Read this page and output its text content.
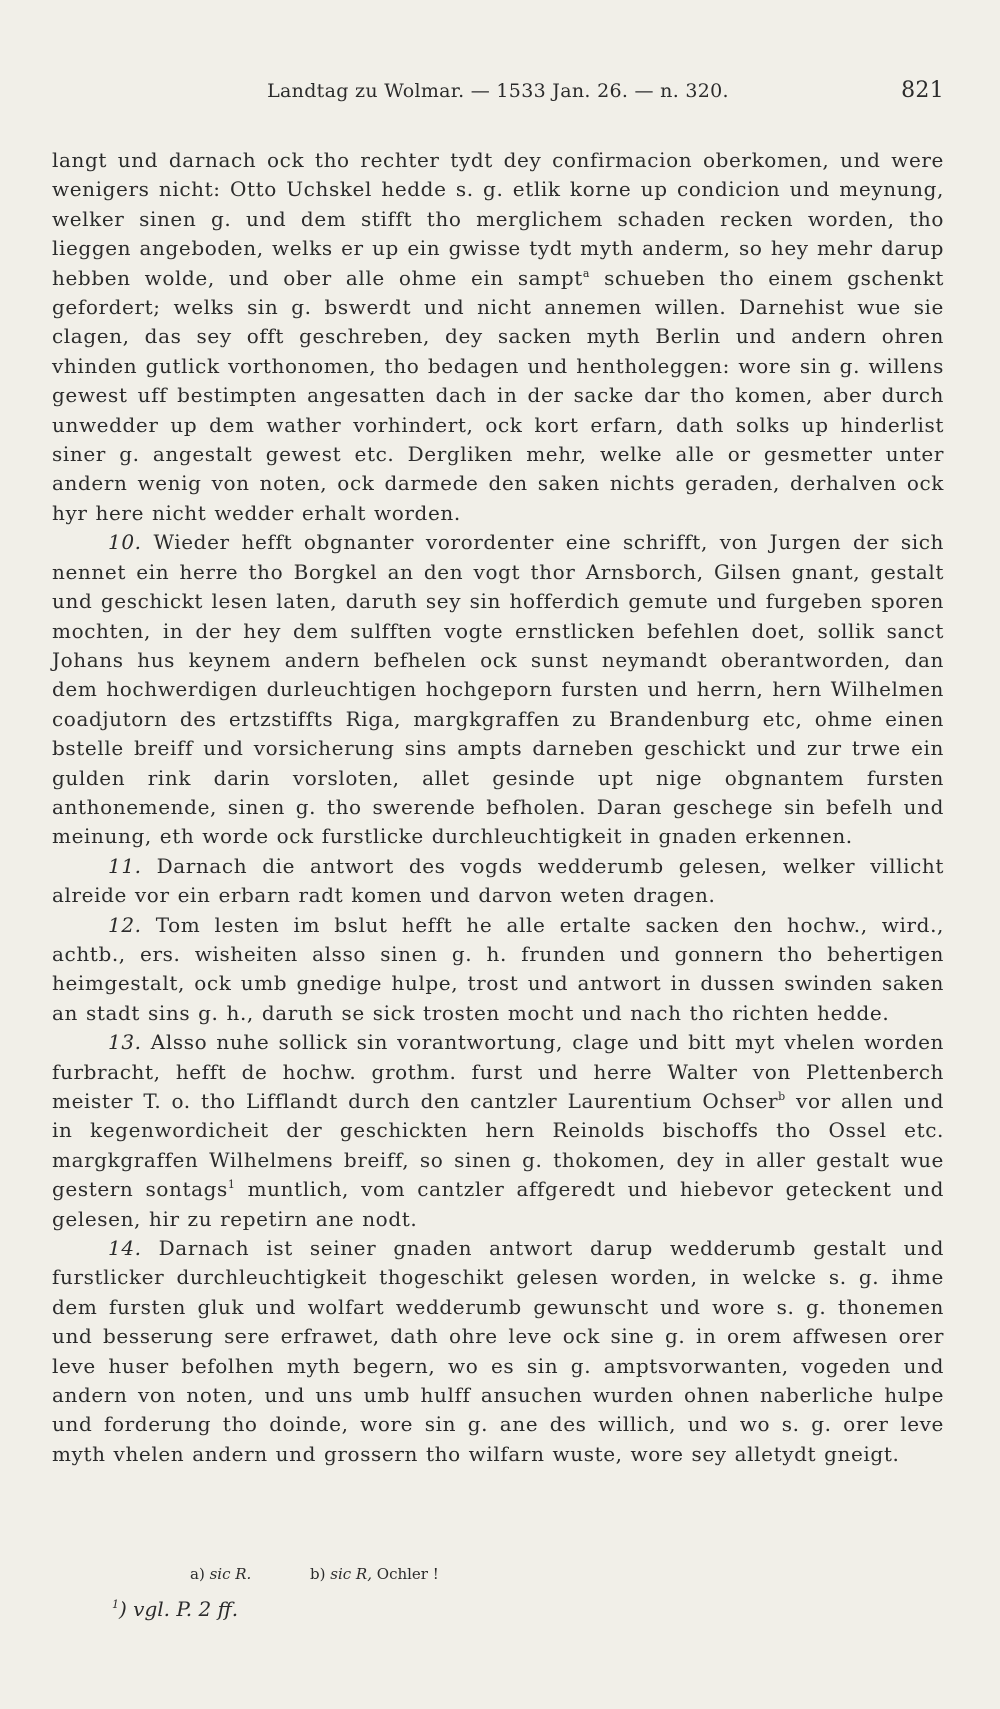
Landtag zu Wolmar. — 1533 Jan. 26. — n. 320.	821

langt und darnach ock tho rechter tydt dey confirmacion oberkomen, und were wenigers nicht: Otto Uchskel hedde s. g. etlik korne up condicion und meynung, welker sinen g. und dem stifft tho merglichem schaden recken worden, tho lieggen angeboden, welks er up ein gwisse tydt myth anderm, so hey mehr darup hebben wolde, und ober alle ohme ein sampt$^a$ schueben tho einem gschenkt gefordert; welks sin g. bswerdt und nicht annemen willen. Darnehist wue sie clagen, das sey offt geschreben, dey sacken myth Berlin und andern ohren vhinden gutlick vorthonomen, tho bedagen und hentholeggen: wore sin g. willens gewest uff bestimpten angesatten dach in der sacke dar tho komen, aber durch unwedder up dem wather vorhindert, ock kort erfarn, dath solks up hinderlist siner g. angestalt gewest etc. Dergliken mehr, welke alle or gesmetter unter andern wenig von noten, ock darmede den saken nichts geraden, derhalven ock hyr here nicht wedder erhalt worden.

10. Wieder hefft obgnanter vorordenter eine schrifft, von Jurgen der sich nennet ein herre tho Borgkel an den vogt thor Arnsborch, Gilsen gnant, gestalt und geschickt lesen laten, daruth sey sin hofferdich gemute und furgeben sporen mochten, in der hey dem sulfften vogte ernstlicken befehlen doet, sollik sanct Johans hus keynem andern befhelen ock sunst neymandt oberantworden, dan dem hochwerdigen durleuchtigen hochgeporn fursten und herrn, hern Wilhelmen coadjutorn des ertzstiffts Riga, margkgraffen zu Brandenburg etc, ohme einen bstelle breiff und vorsicherung sins ampts darneben geschickt und zur trwe ein gulden rink darin vorsloten, allet gesinde upt nige obgnantem fursten anthonemende, sinen g. tho swerende befholen. Daran geschege sin befelh und meinung, eth worde ock furstlicke durchleuchtigkeit in gnaden erkennen.

11. Darnach die antwort des vogds wedderumb gelesen, welker villicht alreide vor ein erbarn radt komen und darvon weten dragen.

12. Tom lesten im bslut hefft he alle ertalte sacken den hochw., wird., achtb., ers. wisheiten alsso sinen g. h. frunden und gonnern tho behertigen heimgestalt, ock umb gnedige hulpe, trost und antwort in dussen swinden saken an stadt sins g. h., daruth se sick trosten mocht und nach tho richten hedde.

13. Alsso nuhe sollick sin vorantwortung, clage und bitt myt vhelen worden furbracht, hefft de hochw. grothm. furst und herre Walter von Plettenberch meister T. o. tho Lifflandt durch den cantzler Laurentium Ochser$^b$ vor allen und in kegenwordicheit der geschickten hern Reinolds bischoffs tho Ossel etc. margkgraffen Wilhelmens breiff, so sinen g. thokomen, dey in aller gestalt wue gestern sontags$^1$ muntlich, vom cantzler affgeredt und hiebevor geteckent und gelesen, hir zu repetirn ane nodt.

14. Darnach ist seiner gnaden antwort darup wedderumb gestalt und furstlicker durchleuchtigkeit thogeschikt gelesen worden, in welcke s. g. ihme dem fursten gluk und wolfart wedderumb gewunscht und wore s. g. thonemen und besserung sere erfrawet, dath ohre leve ock sine g. in orem affwesen orer leve huser befolhen myth begern, wo es sin g. amptsvorwanten, vogeden und andern von noten, und uns umb hulff ansuchen wurden ohnen naberliche hulpe und forderung tho doinde, wore sin g. ane des willich, und wo s. g. orer leve myth vhelen andern und grossern tho wilfarn wuste, wore sey alletydt gneigt.

a) sic R.	b) sic R, Ochler !
$^1$) vgl. P. 2 ff.
